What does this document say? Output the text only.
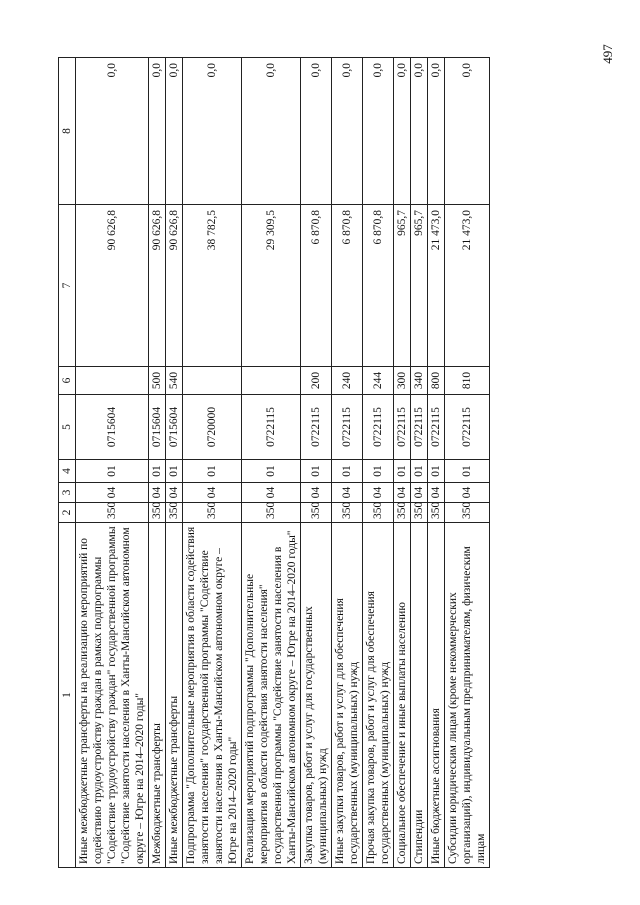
497
1	2	3	4	5	6	7	8
Иные межбюджетные трансферты на реализацию мероприятий по содействию трудоустройству граждан в рамках подпрограммы "Содействие трудоустройству граждан" государственной программы "Содействие занятости населения в Ханты-Мансийском автономном округе – Югре на 2014–2020 годы"	350	04	01	0715604		90 626,8	0,0
Межбюджетные трансферты	350	04	01	0715604	500	90 626,8	0,0
Иные межбюджетные трансферты	350	04	01	0715604	540	90 626,8	0,0
Подпрограмма "Дополнительные мероприятия в области содействия занятости населения" государственной программы "Содействие занятости населения в Ханты-Мансийском автономном округе – Югре на 2014–2020 годы"	350	04	01	0720000		38 782,5	0,0
Реализация мероприятий подпрограммы "Дополнительные мероприятия в области содействия занятости населения" государственной программы "Содействие занятости населения в Ханты-Мансийском автономном округе – Югре на 2014–2020 годы"	350	04	01	0722115		29 309,5	0,0
Закупка товаров, работ и услуг для государственных (муниципальных) нужд	350	04	01	0722115	200	6 870,8	0,0
Иные закупки товаров, работ и услуг для обеспечения государственных (муниципальных) нужд	350	04	01	0722115	240	6 870,8	0,0
Прочая закупка товаров, работ и услуг для обеспечения государственных (муниципальных) нужд	350	04	01	0722115	244	6 870,8	0,0
Социальное обеспечение и иные выплаты населению	350	04	01	0722115	300	965,7	0,0
Стипендии	350	04	01	0722115	340	965,7	0,0
Иные бюджетные ассигнования	350	04	01	0722115	800	21 473,0	0,0
Субсидии юридическим лицам (кроме некоммерческих организаций), индивидуальным предпринимателям, физическим лицам	350	04	01	0722115	810	21 473,0	0,0
